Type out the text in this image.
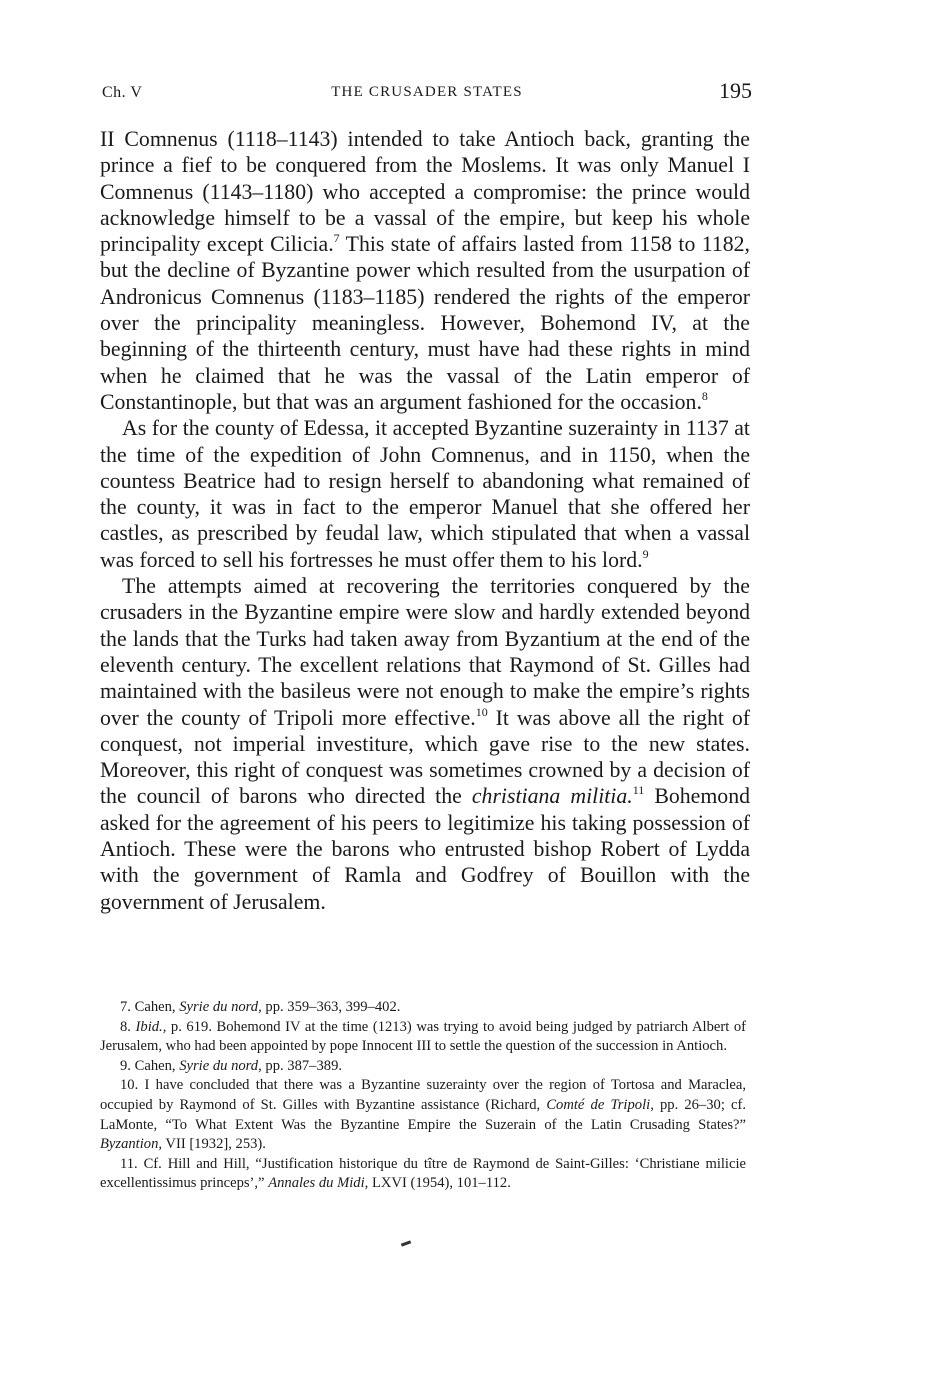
Ch. V	THE CRUSADER STATES	195

II Comnenus (1118–1143) intended to take Antioch back, granting the prince a fief to be conquered from the Moslems. It was only Manuel I Comnenus (1143–1180) who accepted a compromise: the prince would acknowledge himself to be a vassal of the empire, but keep his whole principality except Cilicia.$^7$ This state of affairs lasted from 1158 to 1182, but the decline of Byzantine power which resulted from the usurpation of Andronicus Comnenus (1183–1185) rendered the rights of the emperor over the principality meaningless. However, Bohemond IV, at the beginning of the thirteenth century, must have had these rights in mind when he claimed that he was the vassal of the Latin emperor of Constantinople, but that was an argument fashioned for the occasion.$^8$

As for the county of Edessa, it accepted Byzantine suzerainty in 1137 at the time of the expedition of John Comnenus, and in 1150, when the countess Beatrice had to resign herself to abandoning what remained of the county, it was in fact to the emperor Manuel that she offered her castles, as prescribed by feudal law, which stipulated that when a vassal was forced to sell his fortresses he must offer them to his lord.$^9$

The attempts aimed at recovering the territories conquered by the crusaders in the Byzantine empire were slow and hardly extended beyond the lands that the Turks had taken away from Byzantium at the end of the eleventh century. The excellent relations that Raymond of St. Gilles had maintained with the basileus were not enough to make the empire’s rights over the county of Tripoli more effective.$^{10}$ It was above all the right of conquest, not imperial investiture, which gave rise to the new states. Moreover, this right of conquest was sometimes crowned by a decision of the council of barons who directed the christiana militia.$^{11}$ Bohemond asked for the agreement of his peers to legitimize his taking possession of Antioch. These were the barons who entrusted bishop Robert of Lydda with the government of Ramla and Godfrey of Bouillon with the government of Jerusalem.

7. Cahen, Syrie du nord, pp. 359–363, 399–402.

8. Ibid., p. 619. Bohemond IV at the time (1213) was trying to avoid being judged by patriarch Albert of Jerusalem, who had been appointed by pope Innocent III to settle the question of the succession in Antioch.

9. Cahen, Syrie du nord, pp. 387–389.

10. I have concluded that there was a Byzantine suzerainty over the region of Tortosa and Maraclea, occupied by Raymond of St. Gilles with Byzantine assistance (Richard, Comté de Tripoli, pp. 26–30; cf. LaMonte, “To What Extent Was the Byzantine Empire the Suzerain of the Latin Crusading States?” Byzantion, VII [1932], 253).

11. Cf. Hill and Hill, “Justification historique du tître de Raymond de Saint-Gilles: ‘Christiane milicie excellentissimus princeps’,” Annales du Midi, LXVI (1954), 101–112.
